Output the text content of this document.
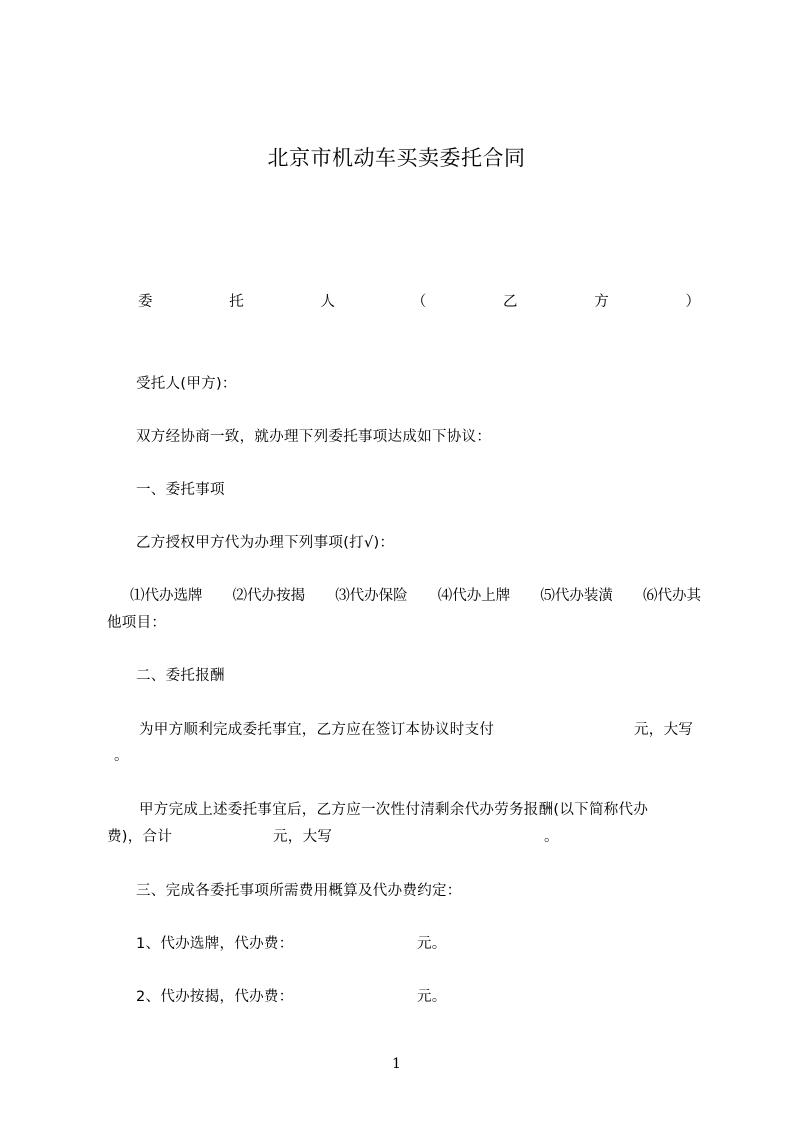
北京市机动车买卖委托合同
委	托	人	（	乙	方	）
受托人(甲方)：
双方经协商一致，就办理下列委托事项达成如下协议：
一、委托事项
乙方授权甲方代为办理下列事项(打√)：
⑴代办选牌 ⑵代办按揭 ⑶代办保险 ⑷代办上牌 ⑸代办装潢 ⑹代办其
他项目：
二、委托报酬
为甲方顺利完成委托事宜，乙方应在签订本协议时支付	元，大写
。
甲方完成上述委托事宜后，乙方应一次性付清剩余代办劳务报酬(以下简称代办
费)，合计	元，大写	。
三、完成各委托事项所需费用概算及代办费约定：
1、代办选牌，代办费：	元。
2、代办按揭，代办费：	元。
1
